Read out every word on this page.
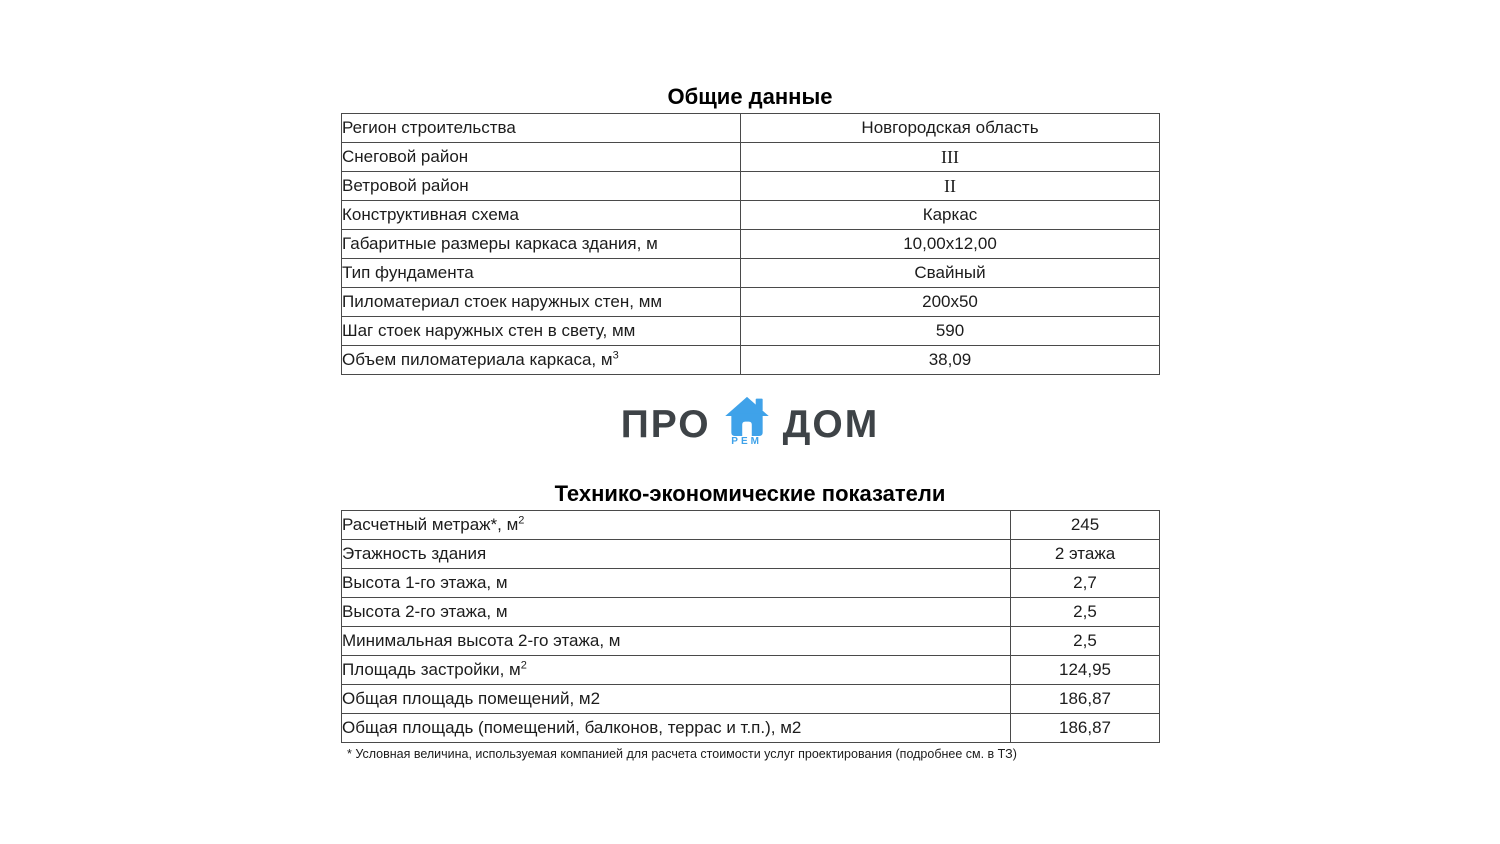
Общие данные
Регион строительства	Новгородская область
Снеговой район	III
Ветровой район	II
Конструктивная схема	Каркас
Габаритные размеры каркаса здания, м	10,00х12,00
Тип фундамента	Свайный
Пиломатериал стоек наружных стен, мм	200х50
Шаг стоек наружных стен в свету, мм	590
Объем пиломатериала каркаса, $м^3$	38,09
ПРО РЕМ ДОМ
Технико-экономические показатели
Расчетный метраж*, $м^2$	245
Этажность здания	2 этажа
Высота 1-го этажа, м	2,7
Высота 2-го этажа, м	2,5
Минимальная высота 2-го этажа, м	2,5
Площадь застройки, $м^2$	124,95
Общая площадь помещений, м2	186,87
Общая площадь (помещений, балконов, террас и т.п.), м2	186,87
* Условная величина, используемая компанией для расчета стоимости услуг проектирования (подробнее см. в ТЗ)
